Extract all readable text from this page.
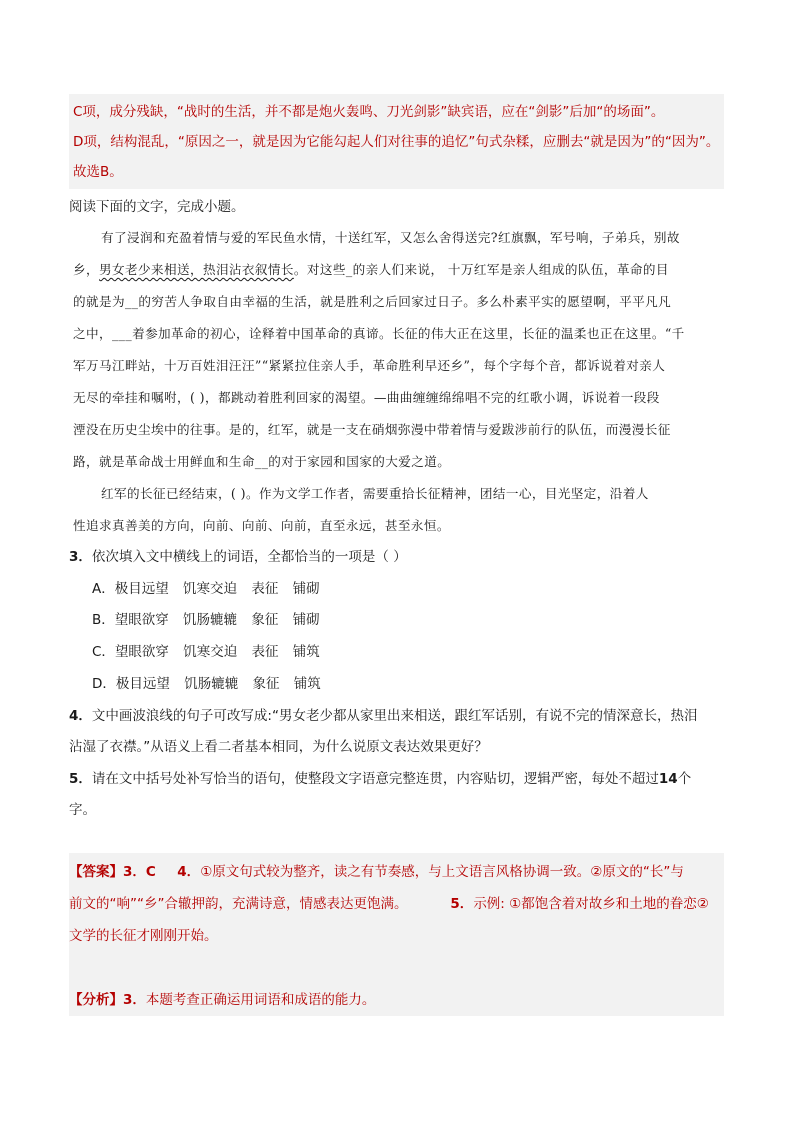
C项，成分残缺，“战时的生活，并不都是炮火轰鸣、刀光剑影”缺宾语，应在“剑影”后加“的场面”。
D项，结构混乱，“原因之一，就是因为它能勾起人们对往事的追忆”句式杂糅，应删去“就是因为”的“因为”。
故选B。
阅读下面的文字，完成小题。
有了浸润和充盈着情与爱的军民鱼水情，十送红军，又怎么舍得送完?红旗飘，军号响，子弟兵，别故
乡，男女老少来相送，热泪沾衣叙情长。对这些_的亲人们来说， 十万红军是亲人组成的队伍，革命的目
的就是为__的穷苦人争取自由幸福的生活，就是胜利之后回家过日子。多么朴素平实的愿望啊，平平凡凡
之中，___着参加革命的初心，诠释着中国革命的真谛。长征的伟大正在这里，长征的温柔也正在这里。“千
军万马江畔站，十万百姓泪汪汪”“紧紧拉住亲人手，革命胜利早还乡”，每个字每个音，都诉说着对亲人
无尽的牵挂和嘱咐，( )，都跳动着胜利回家的渴望。—曲曲缠缠绵绵唱不完的红歌小调，诉说着一段段
湮没在历史尘埃中的往事。是的，红军，就是一支在硝烟弥漫中带着情与爱跋涉前行的队伍，而漫漫长征
路，就是革命战士用鲜血和生命__的对于家园和国家的大爱之道。
红军的长征已经结束，( )。作为文学工作者，需要重拾长征精神，团结一心，目光坚定，沿着人
性追求真善美的方向，向前、向前、向前，直至永远，甚至永恒。
3．依次填入文中横线上的词语，全都恰当的一项是（ ）
A．极目远望 饥寒交迫 表征 铺砌
B．望眼欲穿 饥肠辘辘 象征 铺砌
C．望眼欲穿 饥寒交迫 表征 铺筑
D．极目远望 饥肠辘辘 象征 铺筑
4．文中画波浪线的句子可改写成:“男女老少都从家里出来相送，跟红军话别，有说不完的情深意长，热泪
沾湿了衣襟。”从语义上看二者基本相同，为什么说原文表达效果更好？
5．请在文中括号处补写恰当的语句，使整段文字语意完整连贯，内容贴切，逻辑严密，每处不超过14个
字。
【答案】3．C 4．①原文句式较为整齐，读之有节奏感，与上文语言风格协调一致。②原文的“长”与
前文的“响”“乡”合辙押韵，充满诗意，情感表达更饱满。	5．示例: ①都饱含着对故乡和土地的眷恋②
文学的长征才刚刚开始。
【分析】3．本题考查正确运用词语和成语的能力。
